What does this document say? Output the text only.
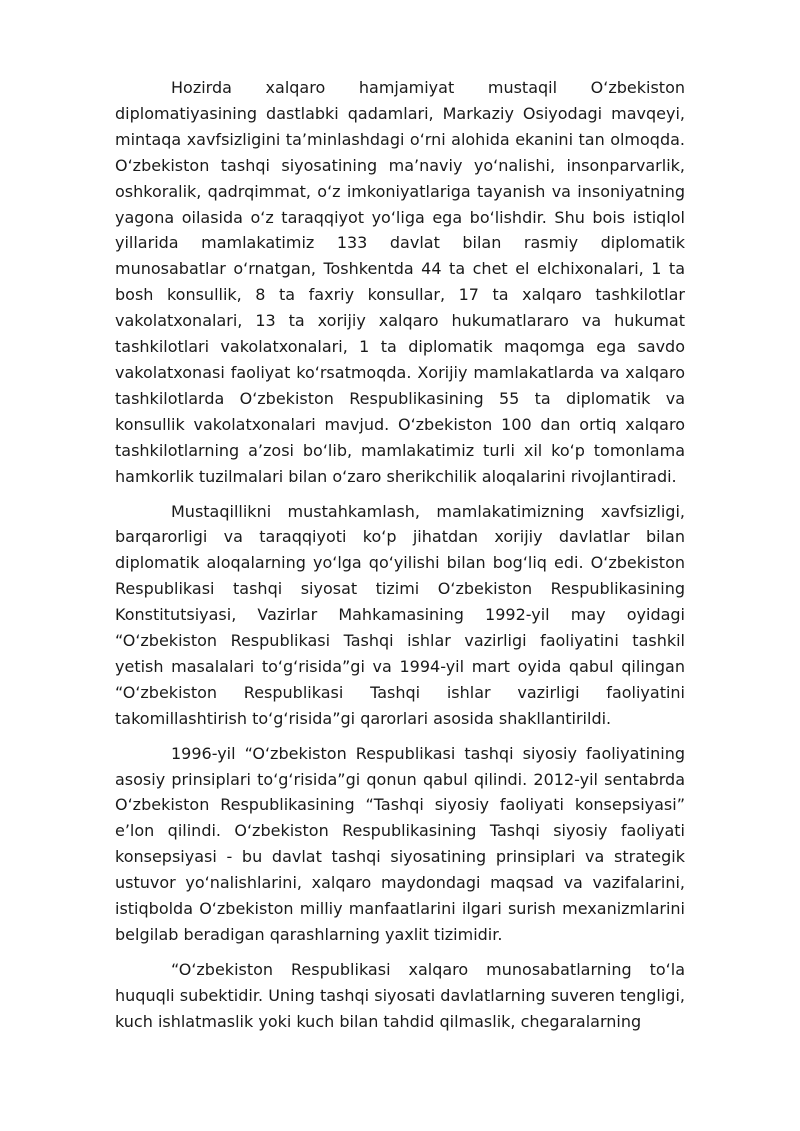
Hozirda xalqaro hamjamiyat mustaqil O‘zbekiston diplomatiyasining dastlabki qadamlari, Markaziy Osiyodagi mavqeyi, mintaqa xavfsizligini ta’minlashdagi o‘rni alohida ekanini tan olmoqda. O‘zbekiston tashqi siyosatining ma’naviy yo‘nalishi, insonparvarlik, oshkoralik, qadrqimmat, o‘z imkoniyatlariga tayanish va insoniyatning yagona oilasida o‘z taraqqiyot yo‘liga ega bo‘lishdir. Shu bois istiqlol yillarida mamlakatimiz 133 davlat bilan rasmiy diplomatik munosabatlar o‘rnatgan, Toshkentda 44 ta chet el elchixonalari, 1 ta bosh konsullik, 8 ta faxriy konsullar, 17 ta xalqaro tashkilotlar vakolatxonalari, 13 ta xorijiy xalqaro hukumatlararo va hukumat tashkilotlari vakolatxonalari, 1 ta diplomatik maqomga ega savdo vakolatxonasi faoliyat ko‘rsatmoqda. Xorijiy mamlakatlarda va xalqaro tashkilotlarda O‘zbekiston Respublikasining 55 ta diplomatik va konsullik vakolatxonalari mavjud. O‘zbekiston 100 dan ortiq xalqaro tashkilotlarning a’zosi bo‘lib, mamlakatimiz turli xil ko‘p tomonlama hamkorlik tuzilmalari bilan o‘zaro sherikchilik aloqalarini rivojlantiradi.

Mustaqillikni mustahkamlash, mamlakatimizning xavfsizligi, barqarorligi va taraqqiyoti ko‘p jihatdan xorijiy davlatlar bilan diplomatik aloqalarning yo‘lga qo‘yilishi bilan bog‘liq edi. O‘zbekiston Respublikasi tashqi siyosat tizimi O‘zbekiston Respublikasining Konstitutsiyasi, Vazirlar Mahkamasining 1992-yil may oyidagi “O‘zbekiston Respublikasi Tashqi ishlar vazirligi faoliyatini tashkil yetish masalalari to‘g‘risida”gi va 1994-yil mart oyida qabul qilingan “O‘zbekiston Respublikasi Tashqi ishlar vazirligi faoliyatini takomillashtirish to‘g‘risida”gi qarorlari asosida shakllantirildi.

1996-yil “O‘zbekiston Respublikasi tashqi siyosiy faoliyatining asosiy prinsiplari to‘g‘risida”gi qonun qabul qilindi. 2012-yil sentabrda O‘zbekiston Respublikasining “Tashqi siyosiy faoliyati konsepsiyasi” e’lon qilindi. O‘zbekiston Respublikasining Tashqi siyosiy faoliyati konsepsiyasi - bu davlat tashqi siyosatining prinsiplari va strategik ustuvor yo‘nalishlarini, xalqaro maydondagi maqsad va vazifalarini, istiqbolda O‘zbekiston milliy manfaatlarini ilgari surish mexanizmlarini belgilab beradigan qarashlarning yaxlit tizimidir.

“O‘zbekiston Respublikasi xalqaro munosabatlarning to‘la huquqli subektidir. Uning tashqi siyosati davlatlarning suveren tengligi, kuch ishlatmaslik yoki kuch bilan tahdid qilmaslik, chegaralarning
